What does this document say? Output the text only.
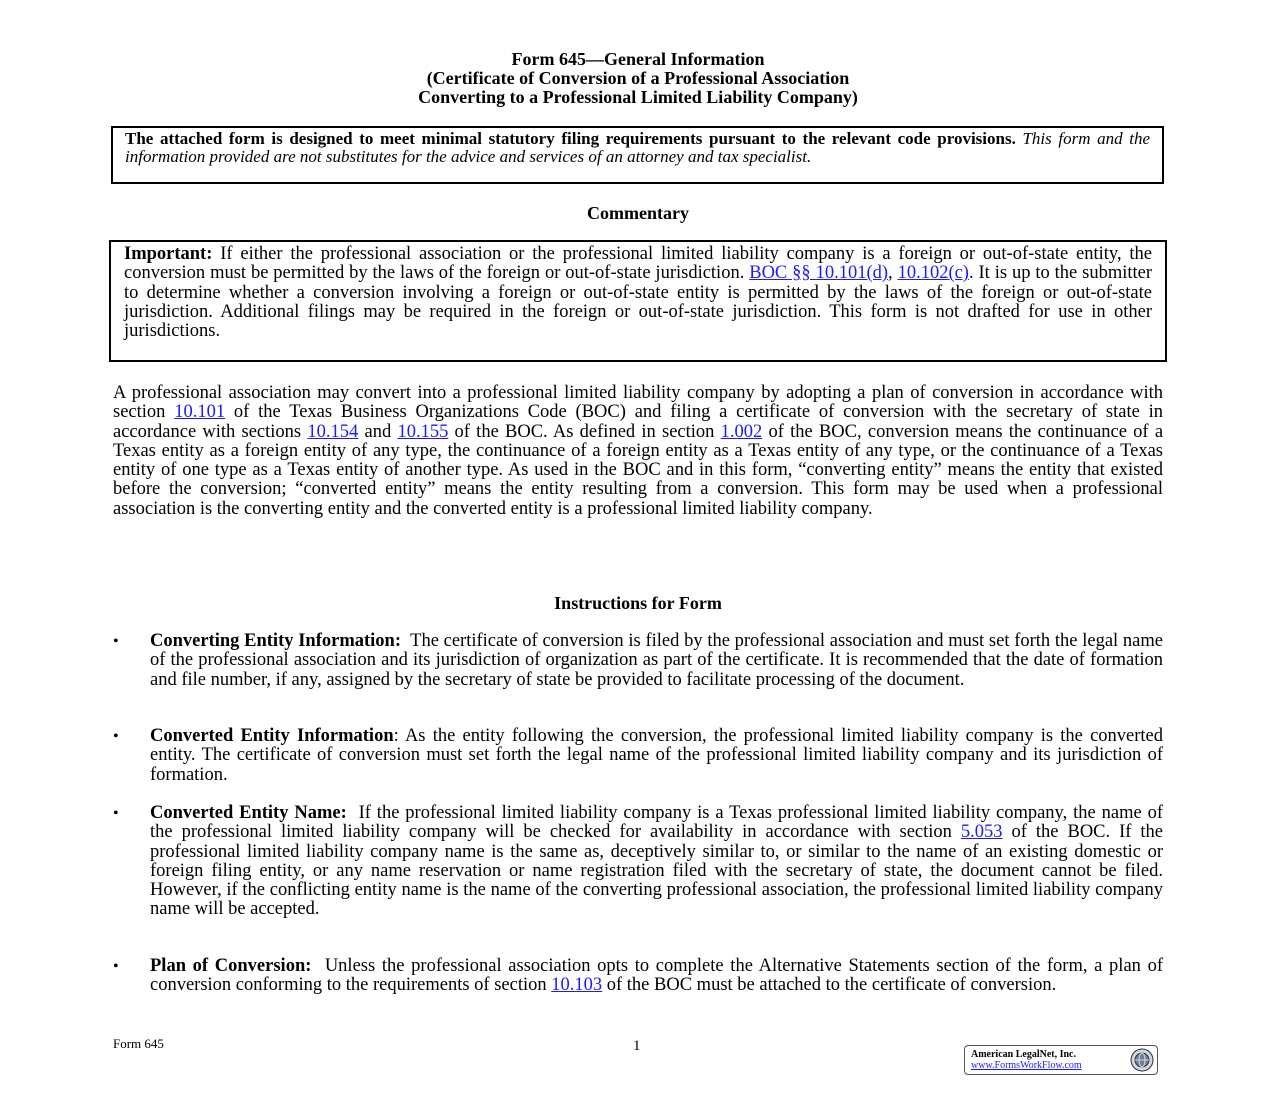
Form 645—General Information
(Certificate of Conversion of a Professional Association
Converting to a Professional Limited Liability Company)
The attached form is designed to meet minimal statutory filing requirements pursuant to the relevant code provisions. This form and the information provided are not substitutes for the advice and services of an attorney and tax specialist.
Commentary
Important: If either the professional association or the professional limited liability company is a foreign or out-of-state entity, the conversion must be permitted by the laws of the foreign or out-of-state jurisdiction. BOC §§ 10.101(d), 10.102(c). It is up to the submitter to determine whether a conversion involving a foreign or out-of-state entity is permitted by the laws of the foreign or out-of-state jurisdiction. Additional filings may be required in the foreign or out-of-state jurisdiction. This form is not drafted for use in other jurisdictions.
A professional association may convert into a professional limited liability company by adopting a plan of conversion in accordance with section 10.101 of the Texas Business Organizations Code (BOC) and filing a certificate of conversion with the secretary of state in accordance with sections 10.154 and 10.155 of the BOC. As defined in section 1.002 of the BOC, conversion means the continuance of a Texas entity as a foreign entity of any type, the continuance of a foreign entity as a Texas entity of any type, or the continuance of a Texas entity of one type as a Texas entity of another type. As used in the BOC and in this form, “converting entity” means the entity that existed before the conversion; “converted entity” means the entity resulting from a conversion. This form may be used when a professional association is the converting entity and the converted entity is a professional limited liability company.
Instructions for Form
• Converting Entity Information: The certificate of conversion is filed by the professional association and must set forth the legal name of the professional association and its jurisdiction of organization as part of the certificate. It is recommended that the date of formation and file number, if any, assigned by the secretary of state be provided to facilitate processing of the document.
• Converted Entity Information: As the entity following the conversion, the professional limited liability company is the converted entity. The certificate of conversion must set forth the legal name of the professional limited liability company and its jurisdiction of formation.
• Converted Entity Name: If the professional limited liability company is a Texas professional limited liability company, the name of the professional limited liability company will be checked for availability in accordance with section 5.053 of the BOC. If the professional limited liability company name is the same as, deceptively similar to, or similar to the name of an existing domestic or foreign filing entity, or any name reservation or name registration filed with the secretary of state, the document cannot be filed. However, if the conflicting entity name is the name of the converting professional association, the professional limited liability company name will be accepted.
• Plan of Conversion: Unless the professional association opts to complete the Alternative Statements section of the form, a plan of conversion conforming to the requirements of section 10.103 of the BOC must be attached to the certificate of conversion.
Form 645	1
American LegalNet, Inc.
www.FormsWorkFlow.com
